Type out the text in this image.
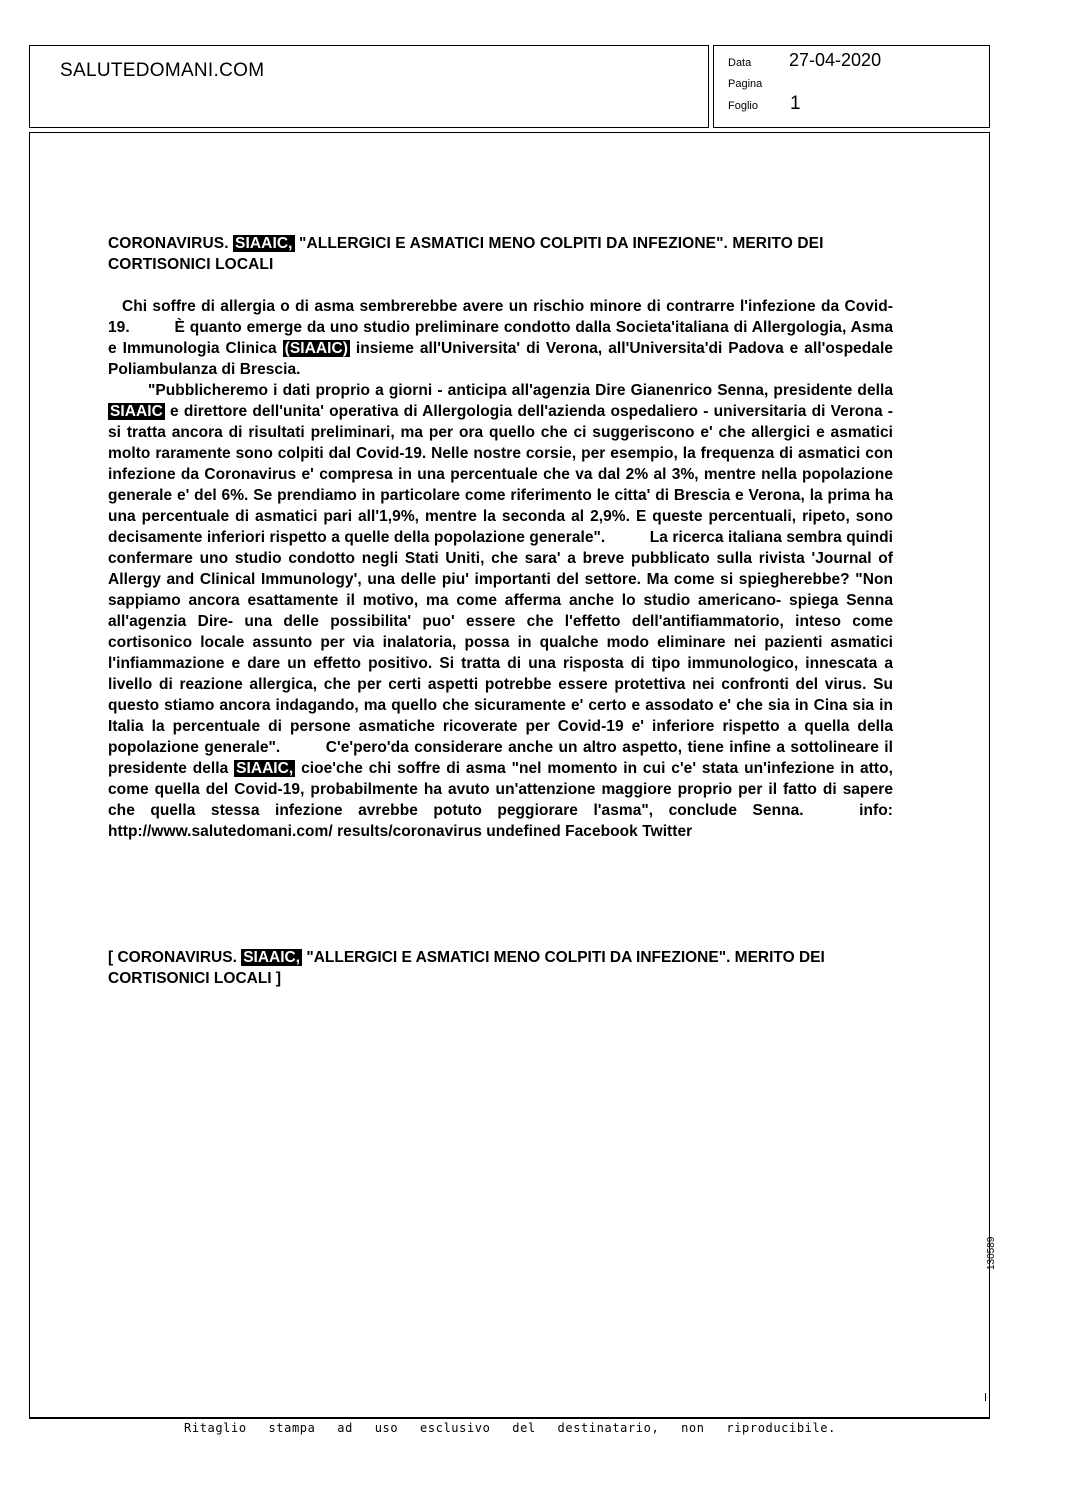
SALUTEDOMANI.COM	Data 27-04-2020
Pagina
Foglio 1
CORONAVIRUS. SIAAIC, "ALLERGICI E ASMATICI MENO COLPITI DA INFEZIONE". MERITO DEI CORTISONICI LOCALI
Chi soffre di allergia o di asma sembrerebbe avere un rischio minore di contrarre l'infezione da Covid-19.	È quanto emerge da uno studio preliminare condotto dalla Societa'italiana di Allergologia, Asma e Immunologia Clinica (SIAAIC) insieme all'Universita' di Verona, all'Universita'di Padova e all'ospedale Poliambulanza di Brescia.
"Pubblicheremo i dati proprio a giorni - anticipa all'agenzia Dire Gianenrico Senna, presidente della SIAAIC e direttore dell'unita' operativa di Allergologia dell'azienda ospedaliero - universitaria di Verona - si tratta ancora di risultati preliminari, ma per ora quello che ci suggeriscono e' che allergici e asmatici molto raramente sono colpiti dal Covid-19. Nelle nostre corsie, per esempio, la frequenza di asmatici con infezione da Coronavirus e' compresa in una percentuale che va dal 2% al 3%, mentre nella popolazione generale e' del 6%. Se prendiamo in particolare come riferimento le citta' di Brescia e Verona, la prima ha una percentuale di asmatici pari all'1,9%, mentre la seconda al 2,9%. E queste percentuali, ripeto, sono decisamente inferiori rispetto a quelle della popolazione generale".	La ricerca italiana sembra quindi confermare uno studio condotto negli Stati Uniti, che sara' a breve pubblicato sulla rivista 'Journal of Allergy and Clinical Immunology', una delle piu' importanti del settore. Ma come si spiegherebbe? "Non sappiamo ancora esattamente il motivo, ma come afferma anche lo studio americano- spiega Senna all'agenzia Dire- una delle possibilita' puo' essere che l'effetto dell'antifiammatorio, inteso come cortisonico locale assunto per via inalatoria, possa in qualche modo eliminare nei pazienti asmatici l'infiammazione e dare un effetto positivo. Si tratta di una risposta di tipo immunologico, innescata a livello di reazione allergica, che per certi aspetti potrebbe essere protettiva nei confronti del virus. Su questo stiamo ancora indagando, ma quello che sicuramente e' certo e assodato e' che sia in Cina sia in Italia la percentuale di persone asmatiche ricoverate per Covid-19 e' inferiore rispetto a quella della popolazione generale".	C'e'pero'da considerare anche un altro aspetto, tiene infine a sottolineare il presidente della SIAAIC, cioe'che chi soffre di asma "nel momento in cui c'e' stata un'infezione in atto, come quella del Covid-19, probabilmente ha avuto un'attenzione maggiore proprio per il fatto di sapere che quella stessa infezione avrebbe potuto peggiorare l'asma", conclude Senna.	info: http://www.salutedomani.com/ results/coronavirus undefined Facebook Twitter
[ CORONAVIRUS. SIAAIC, "ALLERGICI E ASMATICI MENO COLPITI DA INFEZIONE". MERITO DEI CORTISONICI LOCALI ]
Ritaglio stampa ad uso esclusivo del destinatario, non riproducibile.
130589
